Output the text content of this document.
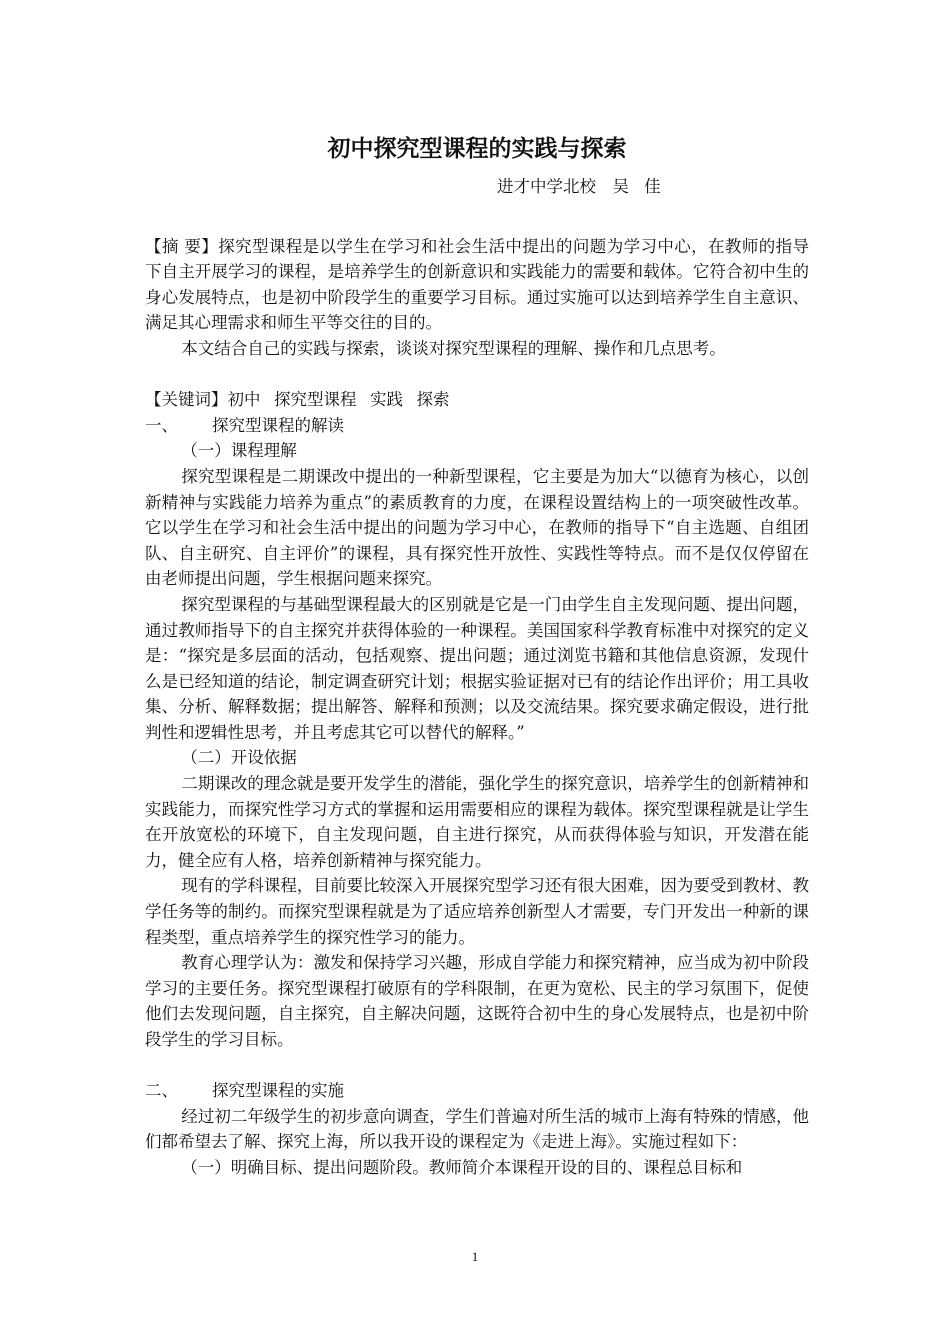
初中探究型课程的实践与探索
进才中学北校　吴 佳

【摘 要】探究型课程是以学生在学习和社会生活中提出的问题为学习中心，在教师的指导下自主开展学习的课程，是培养学生的创新意识和实践能力的需要和载体。它符合初中生的身心发展特点，也是初中阶段学生的重要学习目标。通过实施可以达到培养学生自主意识、满足其心理需求和师生平等交往的目的。

本文结合自己的实践与探索，谈谈对探究型课程的理解、操作和几点思考。

【关键词】初中 探究型课程 实践 探索

一、	探究型课程的解读

（一）课程理解

探究型课程是二期课改中提出的一种新型课程，它主要是为加大“以德育为核心，以创新精神与实践能力培养为重点”的素质教育的力度，在课程设置结构上的一项突破性改革。它以学生在学习和社会生活中提出的问题为学习中心，在教师的指导下“自主选题、自组团队、自主研究、自主评价”的课程，具有探究性开放性、实践性等特点。而不是仅仅停留在由老师提出问题，学生根据问题来探究。

探究型课程的与基础型课程最大的区别就是它是一门由学生自主发现问题、提出问题，通过教师指导下的自主探究并获得体验的一种课程。美国国家科学教育标准中对探究的定义是：“探究是多层面的活动，包括观察、提出问题；通过浏览书籍和其他信息资源，发现什么是已经知道的结论，制定调查研究计划；根据实验证据对已有的结论作出评价；用工具收集、分析、解释数据；提出解答、解释和预测；以及交流结果。探究要求确定假设，进行批判性和逻辑性思考，并且考虑其它可以替代的解释。”

（二）开设依据

二期课改的理念就是要开发学生的潜能，强化学生的探究意识，培养学生的创新精神和实践能力，而探究性学习方式的掌握和运用需要相应的课程为载体。探究型课程就是让学生在开放宽松的环境下，自主发现问题，自主进行探究，从而获得体验与知识，开发潜在能力，健全应有人格，培养创新精神与探究能力。

现有的学科课程，目前要比较深入开展探究型学习还有很大困难，因为要受到教材、教学任务等的制约。而探究型课程就是为了适应培养创新型人才需要，专门开发出一种新的课程类型，重点培养学生的探究性学习的能力。

教育心理学认为：激发和保持学习兴趣，形成自学能力和探究精神，应当成为初中阶段学习的主要任务。探究型课程打破原有的学科限制，在更为宽松、民主的学习氛围下，促使他们去发现问题，自主探究，自主解决问题，这既符合初中生的身心发展特点，也是初中阶段学生的学习目标。

二、	探究型课程的实施

经过初二年级学生的初步意向调查，学生们普遍对所生活的城市上海有特殊的情感，他们都希望去了解、探究上海，所以我开设的课程定为《走进上海》。实施过程如下：

（一）明确目标、提出问题阶段。教师简介本课程开设的目的、课程总目标和

1
